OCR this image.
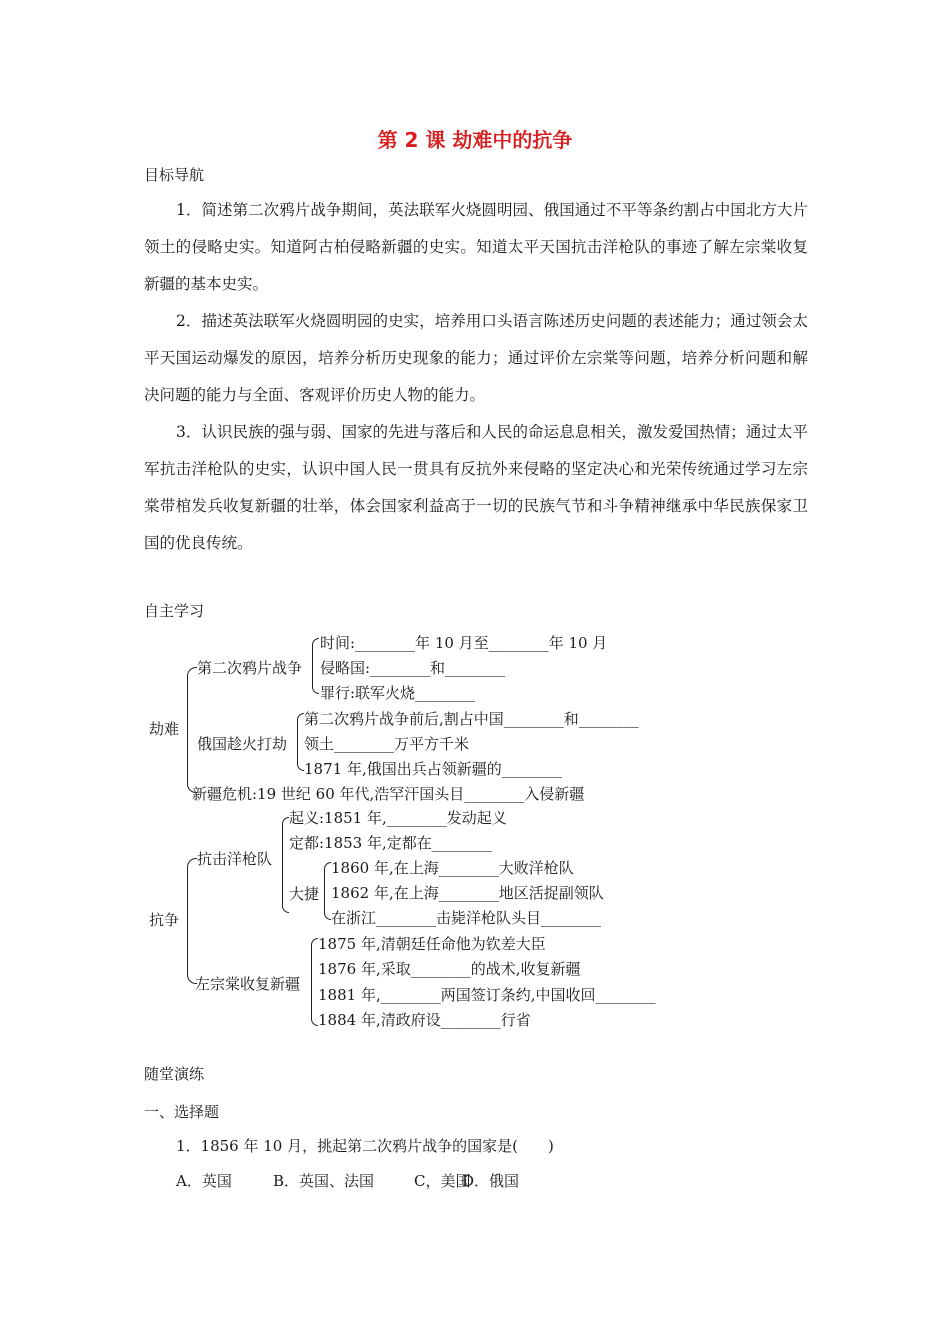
第 2 课 劫难中的抗争

目标导航

1．简述第二次鸦片战争期间，英法联军火烧圆明园、俄国通过不平等条约割占中国北方大片领土的侵略史实。知道阿古柏侵略新疆的史实。知道太平天国抗击洋枪队的事迹了解左宗棠收复新疆的基本史实。

2．描述英法联军火烧圆明园的史实，培养用口头语言陈述历史问题的表述能力；通过领会太平天国运动爆发的原因，培养分析历史现象的能力；通过评价左宗棠等问题，培养分析问题和解决问题的能力与全面、客观评价历史人物的能力。

3．认识民族的强与弱、国家的先进与落后和人民的命运息息相关，激发爱国热情；通过太平军抗击洋枪队的史实，认识中国人民一贯具有反抗外来侵略的坚定决心和光荣传统通过学习左宗棠带棺发兵收复新疆的壮举，体会国家利益高于一切的民族气节和斗争精神继承中华民族保家卫国的优良传统。

自主学习

劫难
第二次鸦片战争
时间:________年 10 月至________年 10 月
侵略国:________和________
罪行:联军火烧________
俄国趁火打劫
第二次鸦片战争前后,割占中国________和________
领土________万平方千米
1871 年,俄国出兵占领新疆的________
新疆危机:19 世纪 60 年代,浩罕汗国头目________入侵新疆
抗争
抗击洋枪队
起义:1851 年,________发动起义
定都:1853 年,定都在________
大捷
1860 年,在上海________大败洋枪队
1862 年,在上海________地区活捉副领队
在浙江________击毙洋枪队头目________
左宗棠收复新疆
1875 年,清朝廷任命他为钦差大臣
1876 年,采取________的战术,收复新疆
1881 年,________两国签订条约,中国收回________
1884 年,清政府设________行省

随堂演练

一、选择题

1．1856 年 10 月，挑起第二次鸦片战争的国家是(　　)

A．英国	B．英国、法国	C，美国D．俄国
